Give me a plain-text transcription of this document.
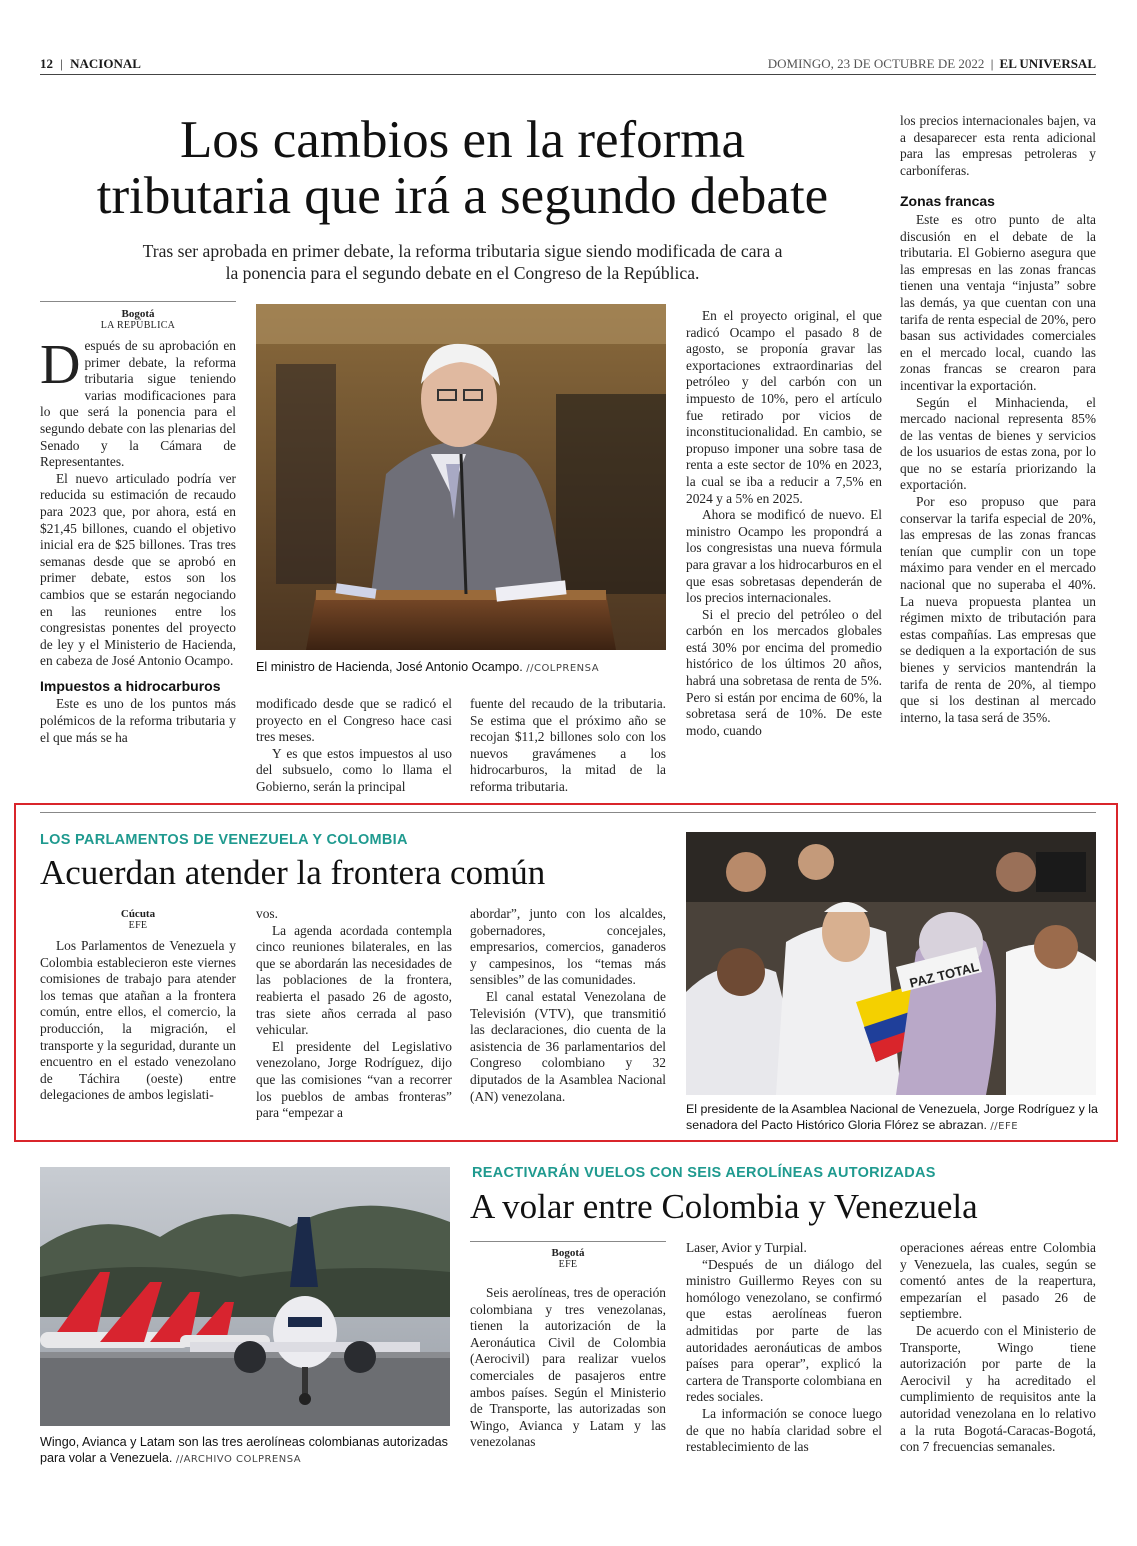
12 | NACIONAL	DOMINGO, 23 DE OCTUBRE DE 2022 | EL UNIVERSAL
Los cambios en la reforma
tributaria que irá a segundo debate
Tras ser aprobada en primer debate, la reforma tributaria sigue siendo modificada de cara a
la ponencia para el segundo debate en el Congreso de la República.
Bogotá
LA REPÚBLICA

Después de su aprobación en primer debate, la reforma tributaria sigue teniendo varias modificaciones para lo que será la ponencia para el segundo debate con las plenarias del Senado y la Cámara de Representantes.

El nuevo articulado podría ver reducida su estimación de recaudo para 2023 que, por ahora, está en $21,45 billones, cuando el objetivo inicial era de $25 billones. Tras tres semanas desde que se aprobó en primer debate, estos son los cambios que se estarán negociando en las reuniones entre los congresistas ponentes del proyecto de ley y el Ministerio de Hacienda, en cabeza de José Antonio Ocampo.

Impuestos a hidrocarburos

Este es uno de los puntos más polémicos de la reforma tributaria y el que más se ha

El ministro de Hacienda, José Antonio Ocampo. //COLPRENSA

modificado desde que se radicó el proyecto en el Congreso hace casi tres meses.

Y es que estos impuestos al uso del subsuelo, como lo llama el Gobierno, serán la principal

fuente del recaudo de la tributaria. Se estima que el próximo año se recojan $11,2 billones solo con los nuevos gravámenes a los hidrocarburos, la mitad de la reforma tributaria.

En el proyecto original, el que radicó Ocampo el pasado 8 de agosto, se proponía gravar las exportaciones extraordinarias del petróleo y del carbón con un impuesto de 10%, pero el artículo fue retirado por vicios de inconstitucionalidad. En cambio, se propuso imponer una sobre tasa de renta a este sector de 10% en 2023, la cual se iba a reducir a 7,5% en 2024 y a 5% en 2025.

Ahora se modificó de nuevo. El ministro Ocampo les propondrá a los congresistas una nueva fórmula para gravar a los hidrocarburos en el que esas sobretasas dependerán de los precios internacionales.

Si el precio del petróleo o del carbón en los mercados globales está 30% por encima del promedio histórico de los últimos 20 años, habrá una sobretasa de renta de 5%. Pero si están por encima de 60%, la sobretasa será de 10%. De este modo, cuando

los precios internacionales bajen, va a desaparecer esta renta adicional para las empresas petroleras y carboníferas.

Zonas francas

Este es otro punto de alta discusión en el debate de la tributaria. El Gobierno asegura que las empresas en las zonas francas tienen una ventaja “injusta” sobre las demás, ya que cuentan con una tarifa de renta especial de 20%, pero basan sus actividades comerciales en el mercado local, cuando las zonas francas se crearon para incentivar la exportación.

Según el Minhacienda, el mercado nacional representa 85% de las ventas de bienes y servicios de los usuarios de estas zona, por lo que no se estaría priorizando la exportación.

Por eso propuso que para conservar la tarifa especial de 20%, las empresas de las zonas francas tenían que cumplir con un tope máximo para vender en el mercado nacional que no superaba el 40%. La nueva propuesta plantea un régimen mixto de tributación para estas compañías. Las empresas que se dediquen a la exportación de sus bienes y servicios mantendrán la tarifa de renta de 20%, al tiempo que si los destinan al mercado interno, la tasa será de 35%.

LOS PARLAMENTOS DE VENEZUELA Y COLOMBIA
Acuerdan atender la frontera común
Cúcuta
EFE

Los Parlamentos de Venezuela y Colombia establecieron este viernes comisiones de trabajo para atender los temas que atañan a la frontera común, entre ellos, el comercio, la producción, la migración, el transporte y la seguridad, durante un encuentro en el estado venezolano de Táchira (oeste) entre delegaciones de ambos legislati-

vos.

La agenda acordada contempla cinco reuniones bilaterales, en las que se abordarán las necesidades de las poblaciones de la frontera, reabierta el pasado 26 de agosto, tras siete años cerrada al paso vehicular.

El presidente del Legislativo venezolano, Jorge Rodríguez, dijo que las comisiones “van a recorrer los pueblos de ambas fronteras” para “empezar a

abordar”, junto con los alcaldes, gobernadores, concejales, empresarios, comercios, ganaderos y campesinos, los “temas más sensibles” de las comunidades.

El canal estatal Venezolana de Televisión (VTV), que transmitió las declaraciones, dio cuenta de la asistencia de 36 parlamentarios del Congreso colombiano y 32 diputados de la Asamblea Nacional (AN) venezolana.

PAZ TOTAL
El presidente de la Asamblea Nacional de Venezuela, Jorge Rodríguez y la senadora del Pacto Histórico Gloria Flórez se abrazan. //EFE
Wingo, Avianca y Latam son las tres aerolíneas colombianas autorizadas para volar a Venezuela. //ARCHIVO COLPRENSA
REACTIVARÁN VUELOS CON SEIS AEROLÍNEAS AUTORIZADAS
A volar entre Colombia y Venezuela
Bogotá
EFE

Seis aerolíneas, tres de operación colombiana y tres venezolanas, tienen la autorización de la Aeronáutica Civil de Colombia (Aerocivil) para realizar vuelos comerciales de pasajeros entre ambos países. Según el Ministerio de Transporte, las autorizadas son Wingo, Avianca y Latam y las venezolanas

Laser, Avior y Turpial.

“Después de un diálogo del ministro Guillermo Reyes con su homólogo venezolano, se confirmó que estas aerolíneas fueron admitidas por parte de las autoridades aeronáuticas de ambos países para operar”, explicó la cartera de Transporte colombiana en redes sociales.

La información se conoce luego de que no había claridad sobre el restablecimiento de las

operaciones aéreas entre Colombia y Venezuela, las cuales, según se comentó antes de la reapertura, empezarían el pasado 26 de septiembre.

De acuerdo con el Ministerio de Transporte, Wingo tiene autorización por parte de la Aerocivil y ha acreditado el cumplimiento de requisitos ante la autoridad venezolana en lo relativo a la ruta Bogotá-Caracas-Bogotá, con 7 frecuencias semanales.
